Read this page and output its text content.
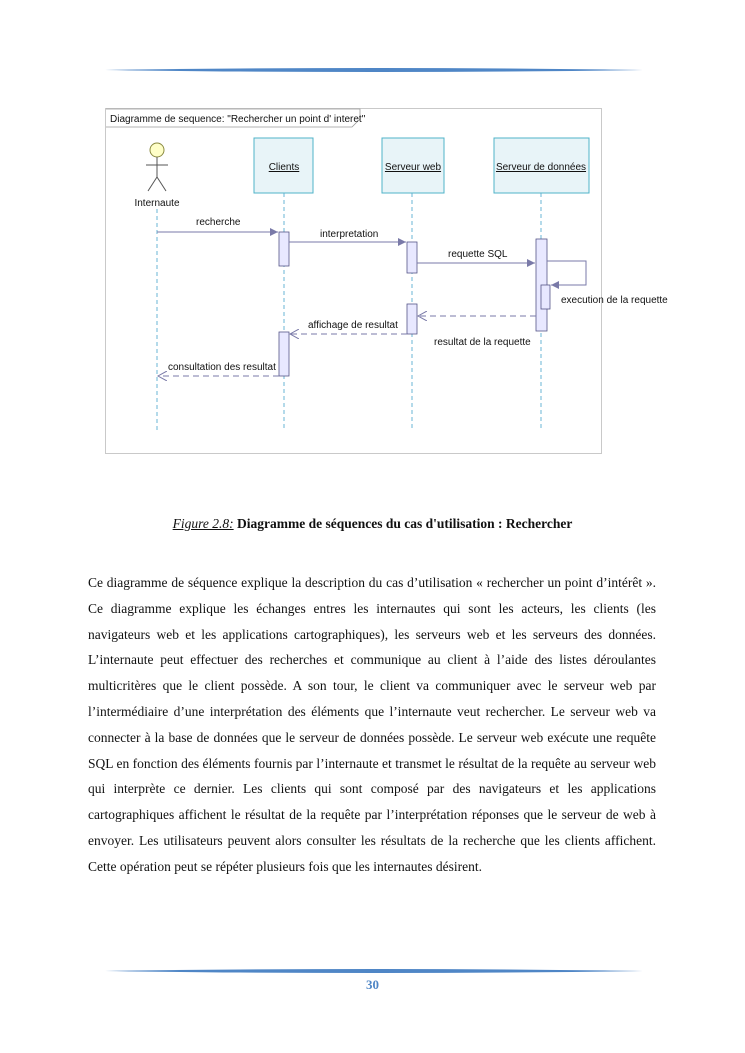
Diagramme de sequence: "Rechercher un point d' interet"
Internaute
Clients	Serveur web	Serveur de données
recherche
interpretation
requette SQL
execution de la requette
resultat de la requette
affichage de resultat
consultation des resultat
Figure 2.8: Diagramme de séquences du cas d'utilisation : Rechercher

Ce diagramme de séquence explique la description du cas d’utilisation « rechercher un point d’intérêt ». Ce diagramme explique les échanges entres les internautes qui sont les acteurs, les clients (les navigateurs web et les applications cartographiques), les serveurs web et les serveurs des données. L’internaute peut effectuer des recherches et communique au client à l’aide des listes déroulantes multicritères que le client possède. A son tour, le client va communiquer avec le serveur web par l’intermédiaire d’une interprétation des éléments que l’internaute veut rechercher. Le serveur web va connecter à la base de données que le serveur de données possède. Le serveur web exécute une requête SQL en fonction des éléments fournis par l’internaute et transmet le résultat de la requête au serveur web qui interprète ce dernier. Les clients qui sont composé par des navigateurs et les applications cartographiques affichent le résultat de la requête par l’interprétation réponses que le serveur de web à envoyer. Les utilisateurs peuvent alors consulter les résultats de la recherche que les clients affichent. Cette opération peut se répéter plusieurs fois que les internautes désirent.

30
